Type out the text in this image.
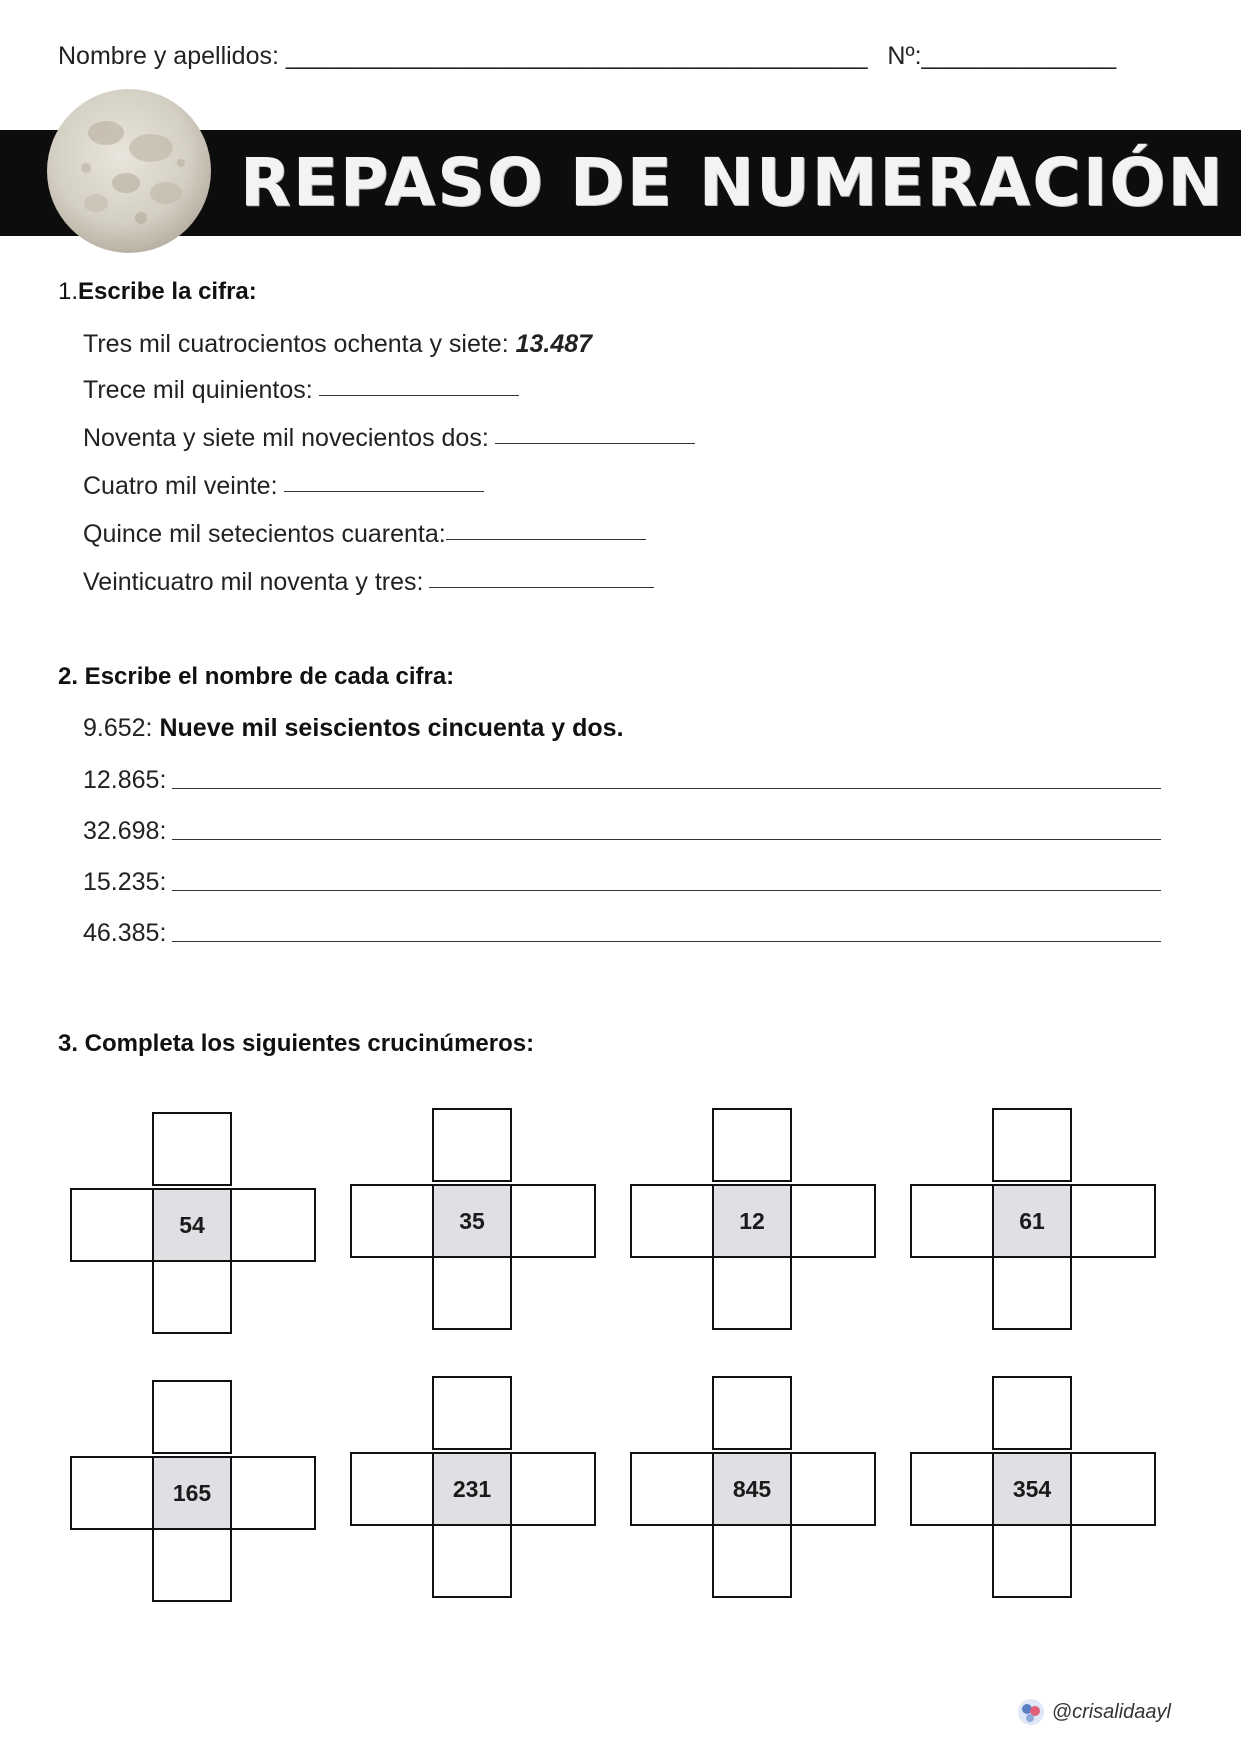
Nombre y apellidos: _____________________________________________ Nº:_______________
REPASO DE NUMERACIÓN
1.Escribe la cifra:
Tres mil cuatrocientos ochenta y siete: 13.487
Trece mil quinientos:
Noventa y siete mil novecientos dos:
Cuatro mil veinte:
Quince mil setecientos cuarenta:
Veinticuatro mil noventa y tres:
2. Escribe el nombre de cada cifra:
9.652: Nueve mil seiscientos cincuenta y dos.
12.865:
32.698:
15.235:
46.385:
3. Completa los siguientes crucinúmeros:
54	35	12	61
165	231	845	354
@crisalidaayl
